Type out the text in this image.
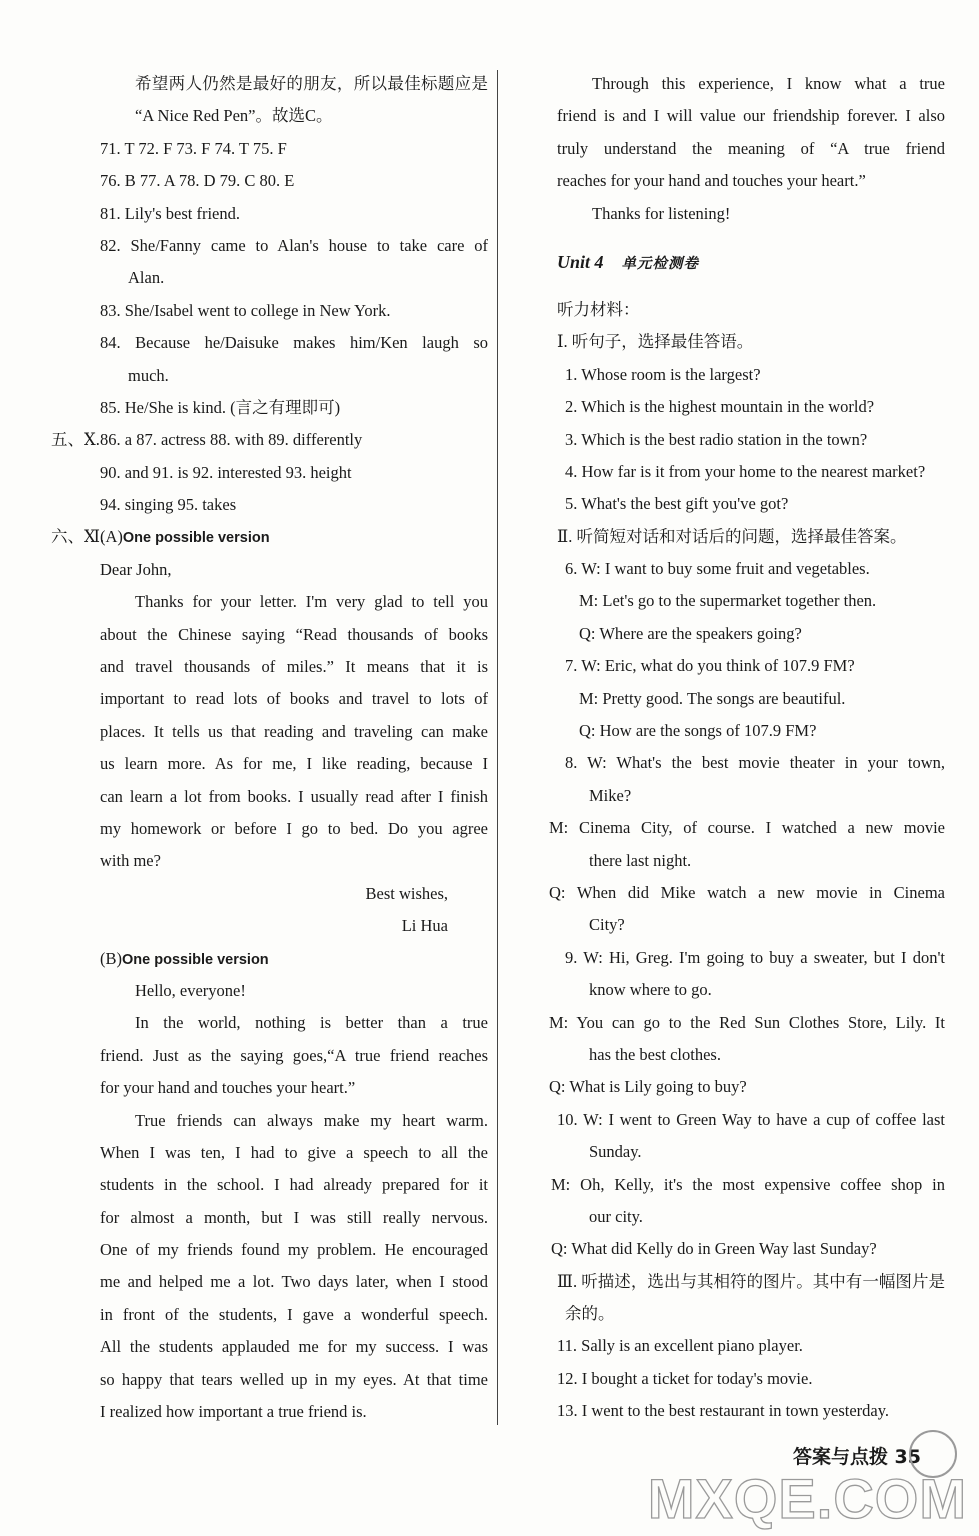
希望两人仍然是最好的朋友，所以最佳标题应是
“A Nice Red Pen”。故选C。
71. T 72. F 73. F 74. T 75. F
76. B 77. A 78. D 79. C 80. E
81. Lily's best friend.
82. She/Fanny came to Alan's house to take care of
Alan.
83. She/Isabel went to college in New York.
84. Because he/Daisuke makes him/Ken laugh so
much.
85. He/She is kind. (言之有理即可)
五、Ⅹ. 86. a 87. actress 88. with 89. differently
90. and 91. is 92. interested 93. height
94. singing 95. takes
六、Ⅺ.
(A)One possible version
Dear John,
Thanks for your letter. I'm very glad to tell you
about the Chinese saying “Read thousands of books
and travel thousands of miles.” It means that it is
important to read lots of books and travel to lots of
places. It tells us that reading and traveling can make
us learn more. As for me, I like reading, because I
can learn a lot from books. I usually read after I finish
my homework or before I go to bed. Do you agree
with me?
Best wishes,
Li Hua
(B)One possible version
Hello, everyone!
In the world, nothing is better than a true
friend. Just as the saying goes,“A true friend reaches
for your hand and touches your heart.”
True friends can always make my heart warm.
When I was ten, I had to give a speech to all the
students in the school. I had already prepared for it
for almost a month, but I was still really nervous.
One of my friends found my problem. He encouraged
me and helped me a lot. Two days later, when I stood
in front of the students, I gave a wonderful speech.
All the students applauded me for my success. I was
so happy that tears welled up in my eyes. At that time
I realized how important a true friend is.
Through this experience, I know what a true
friend is and I will value our friendship forever. I also
truly understand the meaning of “A true friend
reaches for your hand and touches your heart.”
Thanks for listening!
Unit 4 单元检测卷
听力材料：
Ⅰ. 听句子，选择最佳答语。
1. Whose room is the largest?
2. Which is the highest mountain in the world?
3. Which is the best radio station in the town?
4. How far is it from your home to the nearest market?
5. What's the best gift you've got?
Ⅱ. 听简短对话和对话后的问题，选择最佳答案。
6. W: I want to buy some fruit and vegetables.
M: Let's go to the supermarket together then.
Q: Where are the speakers going?
7. W: Eric, what do you think of 107.9 FM?
M: Pretty good. The songs are beautiful.
Q: How are the songs of 107.9 FM?
8. W: What's the best movie theater in your town,
Mike?
M: Cinema City, of course. I watched a new movie
there last night.
Q: When did Mike watch a new movie in Cinema
City?
9. W: Hi, Greg. I'm going to buy a sweater, but I don't
know where to go.
M: You can go to the Red Sun Clothes Store, Lily. It
has the best clothes.
Q: What is Lily going to buy?
10. W: I went to Green Way to have a cup of coffee last
Sunday.
M: Oh, Kelly, it's the most expensive coffee shop in
our city.
Q: What did Kelly do in Green Way last Sunday?
Ⅲ. 听描述，选出与其相符的图片。其中有一幅图片是
余的。
11. Sally is an excellent piano player.
12. I bought a ticket for today's movie.
13. I went to the best restaurant in town yesterday.
答案与点拨 35
MXQE.COM
